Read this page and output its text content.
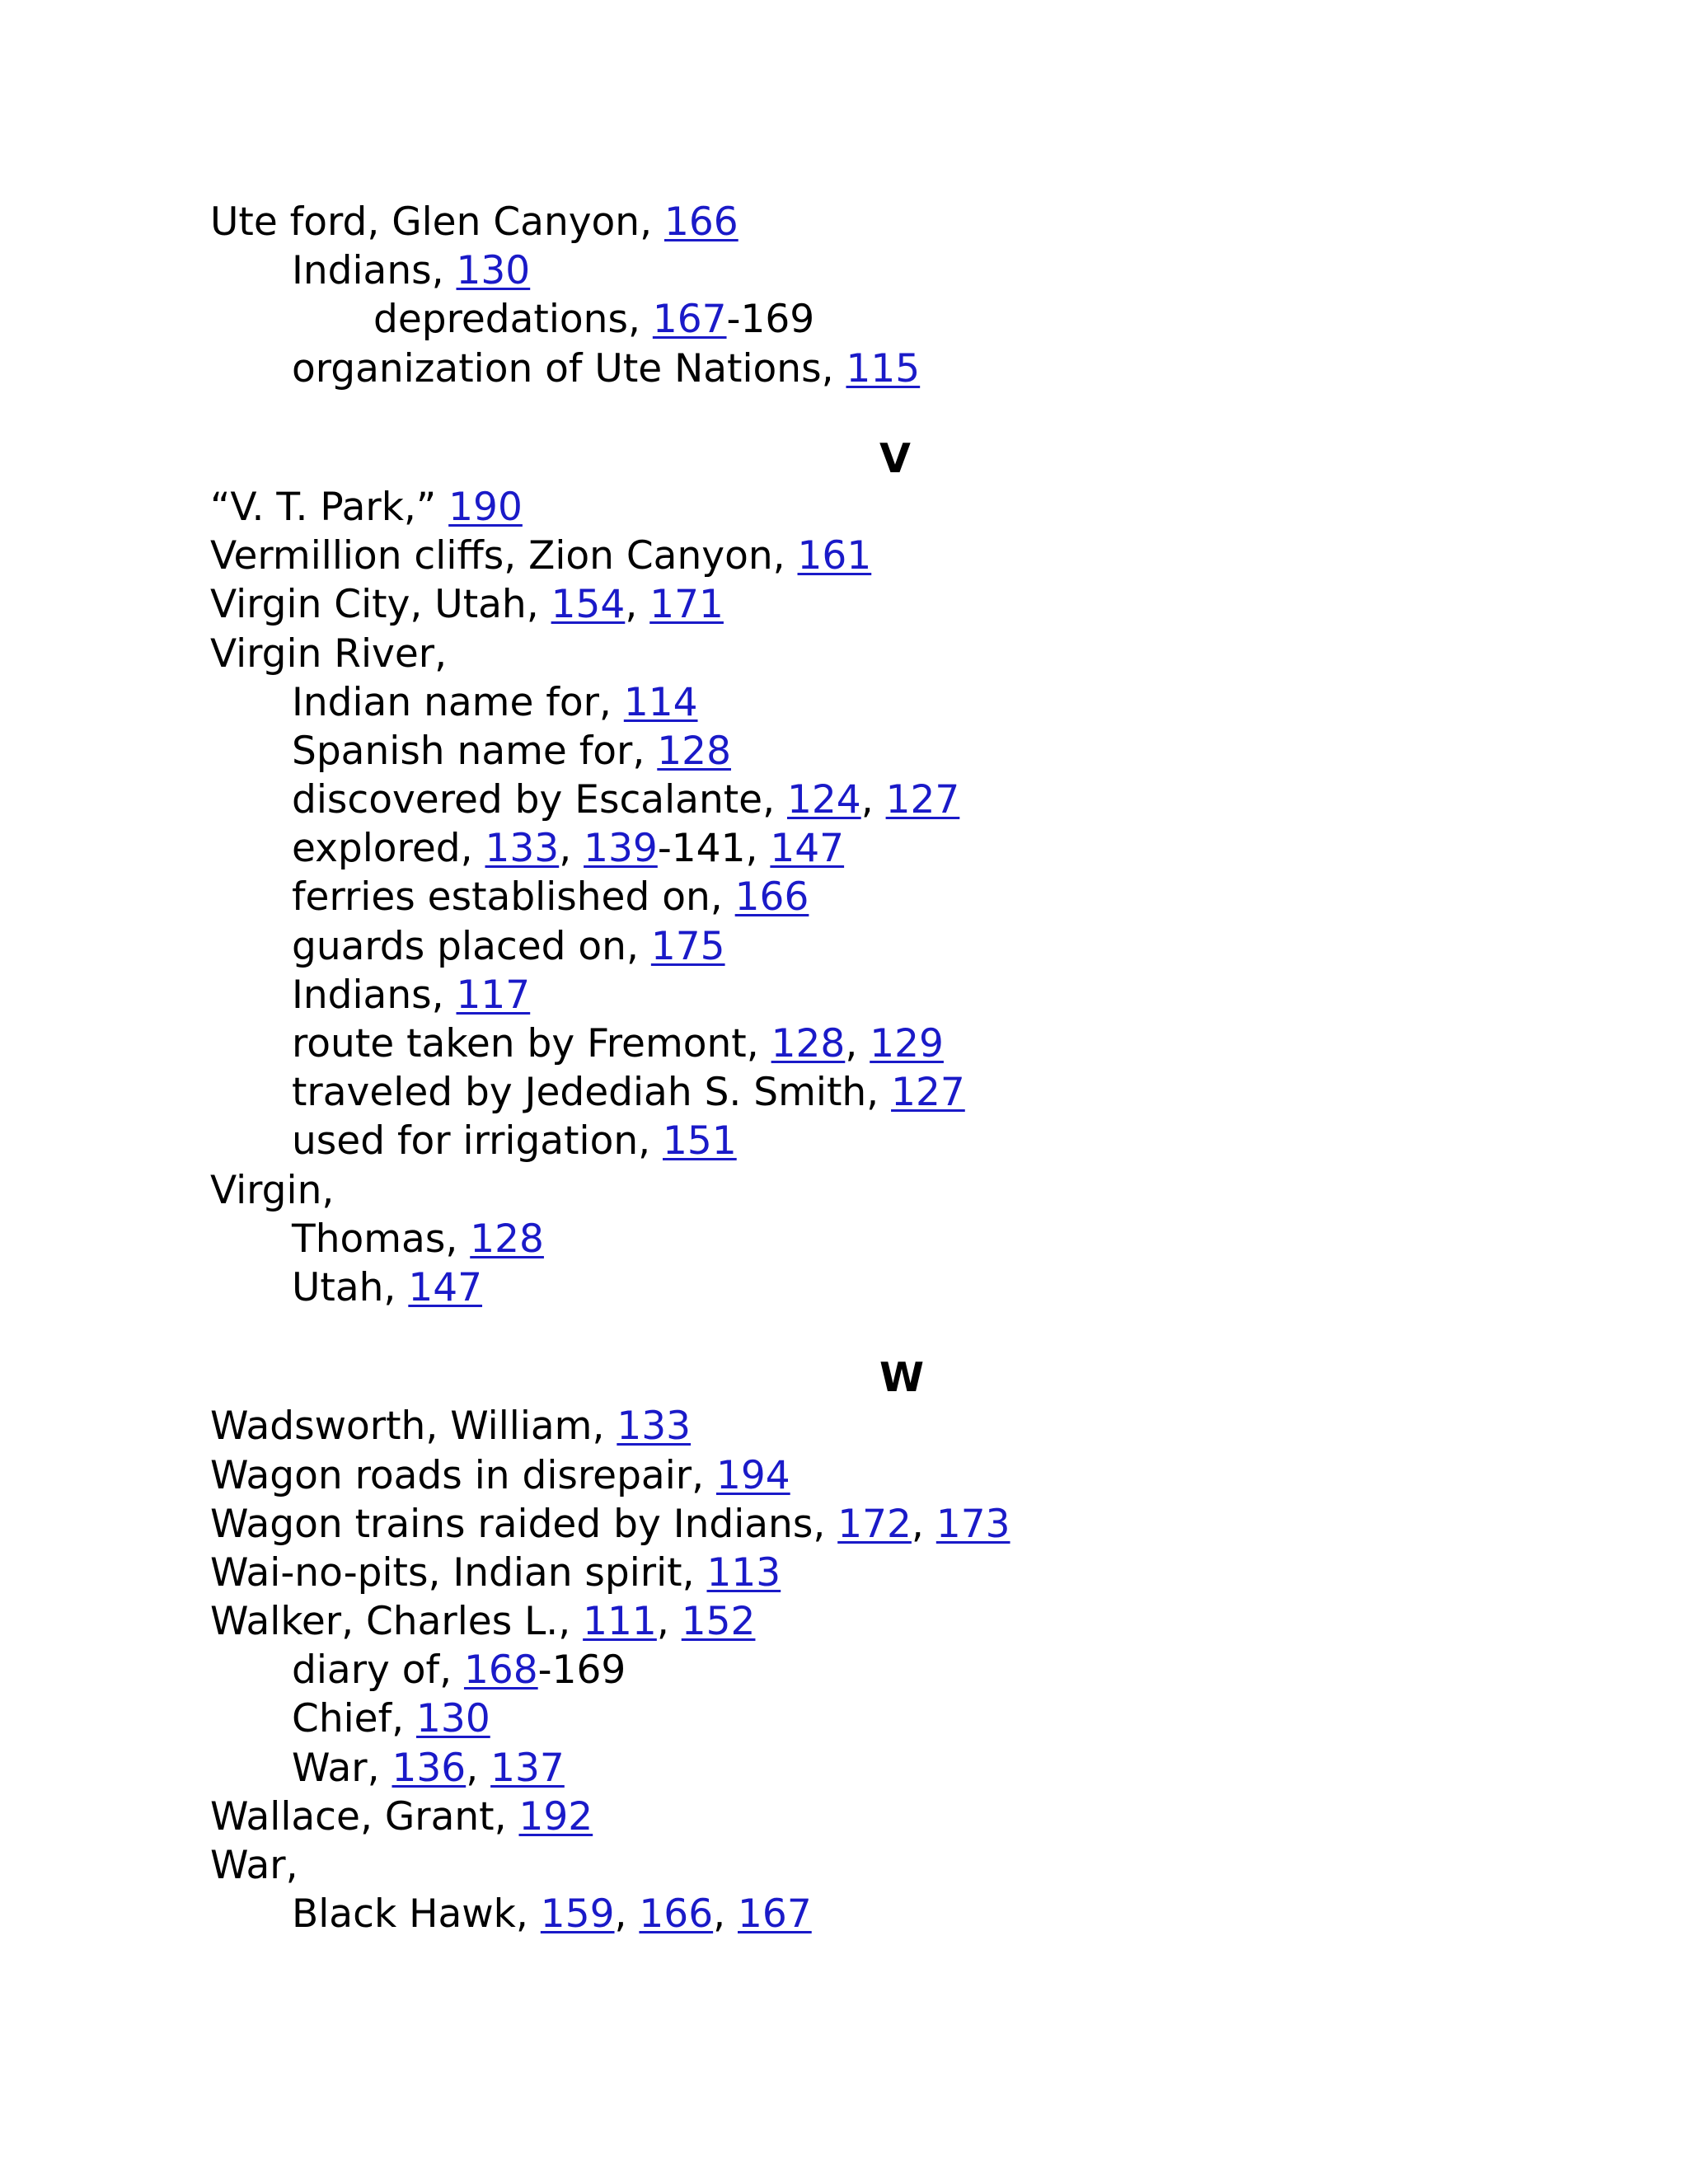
Ute ford, Glen Canyon, 166
Indians, 130
depredations, 167-169
organization of Ute Nations, 115
V
“V. T. Park,” 190
Vermillion cliffs, Zion Canyon, 161
Virgin City, Utah, 154, 171
Virgin River,
Indian name for, 114
Spanish name for, 128
discovered by Escalante, 124, 127
explored, 133, 139-141, 147
ferries established on, 166
guards placed on, 175
Indians, 117
route taken by Fremont, 128, 129
traveled by Jedediah S. Smith, 127
used for irrigation, 151
Virgin,
Thomas, 128
Utah, 147
W
Wadsworth, William, 133
Wagon roads in disrepair, 194
Wagon trains raided by Indians, 172, 173
Wai-no-pits, Indian spirit, 113
Walker, Charles L., 111, 152
diary of, 168-169
Chief, 130
War, 136, 137
Wallace, Grant, 192
War,
Black Hawk, 159, 166, 167
